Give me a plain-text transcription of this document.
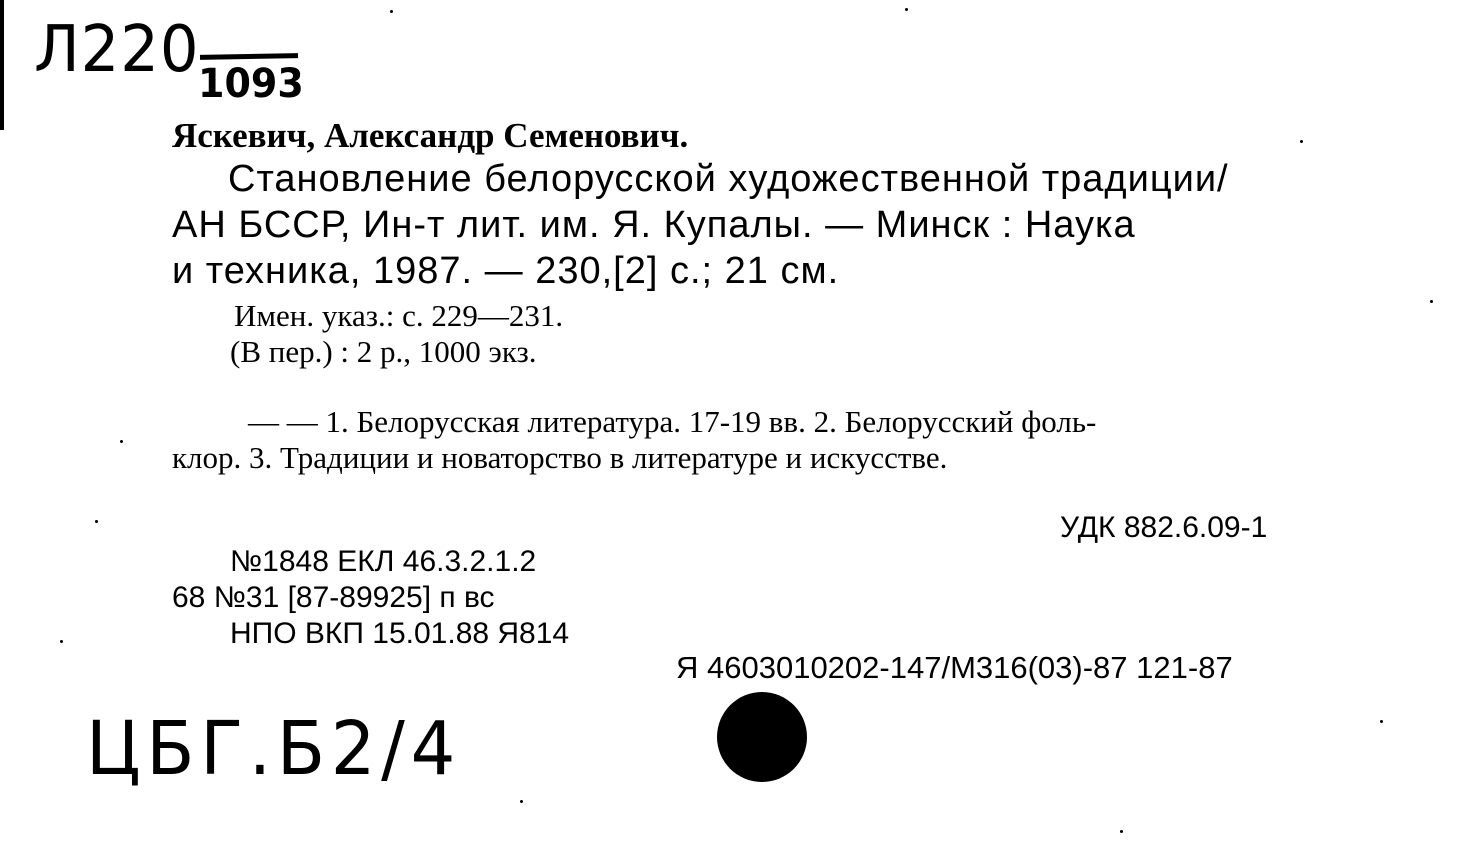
Л220
1093
Яскевич, Александр Семенович.
Становление белорусской художественной традиции/
АН БССР, Ин-т лит. им. Я. Купалы. — Минск : Наука
и техника, 1987. — 230,[2] с.; 21 см.
Имен. указ.: с. 229—231.
(В пер.) : 2 р., 1000 экз.
— — 1. Белорусская литература. 17-19 вв. 2. Белорусский фоль-
клор. 3. Традиции и новаторство в литературе и искусстве.
УДК 882.6.09-1
№1848 ЕКЛ 46.3.2.1.2
68 №31 [87-89925] п вс
НПО ВКП 15.01.88 Я814
Я 4603010202-147/М316(03)-87 121-87
ЦБГ.Б2/4
